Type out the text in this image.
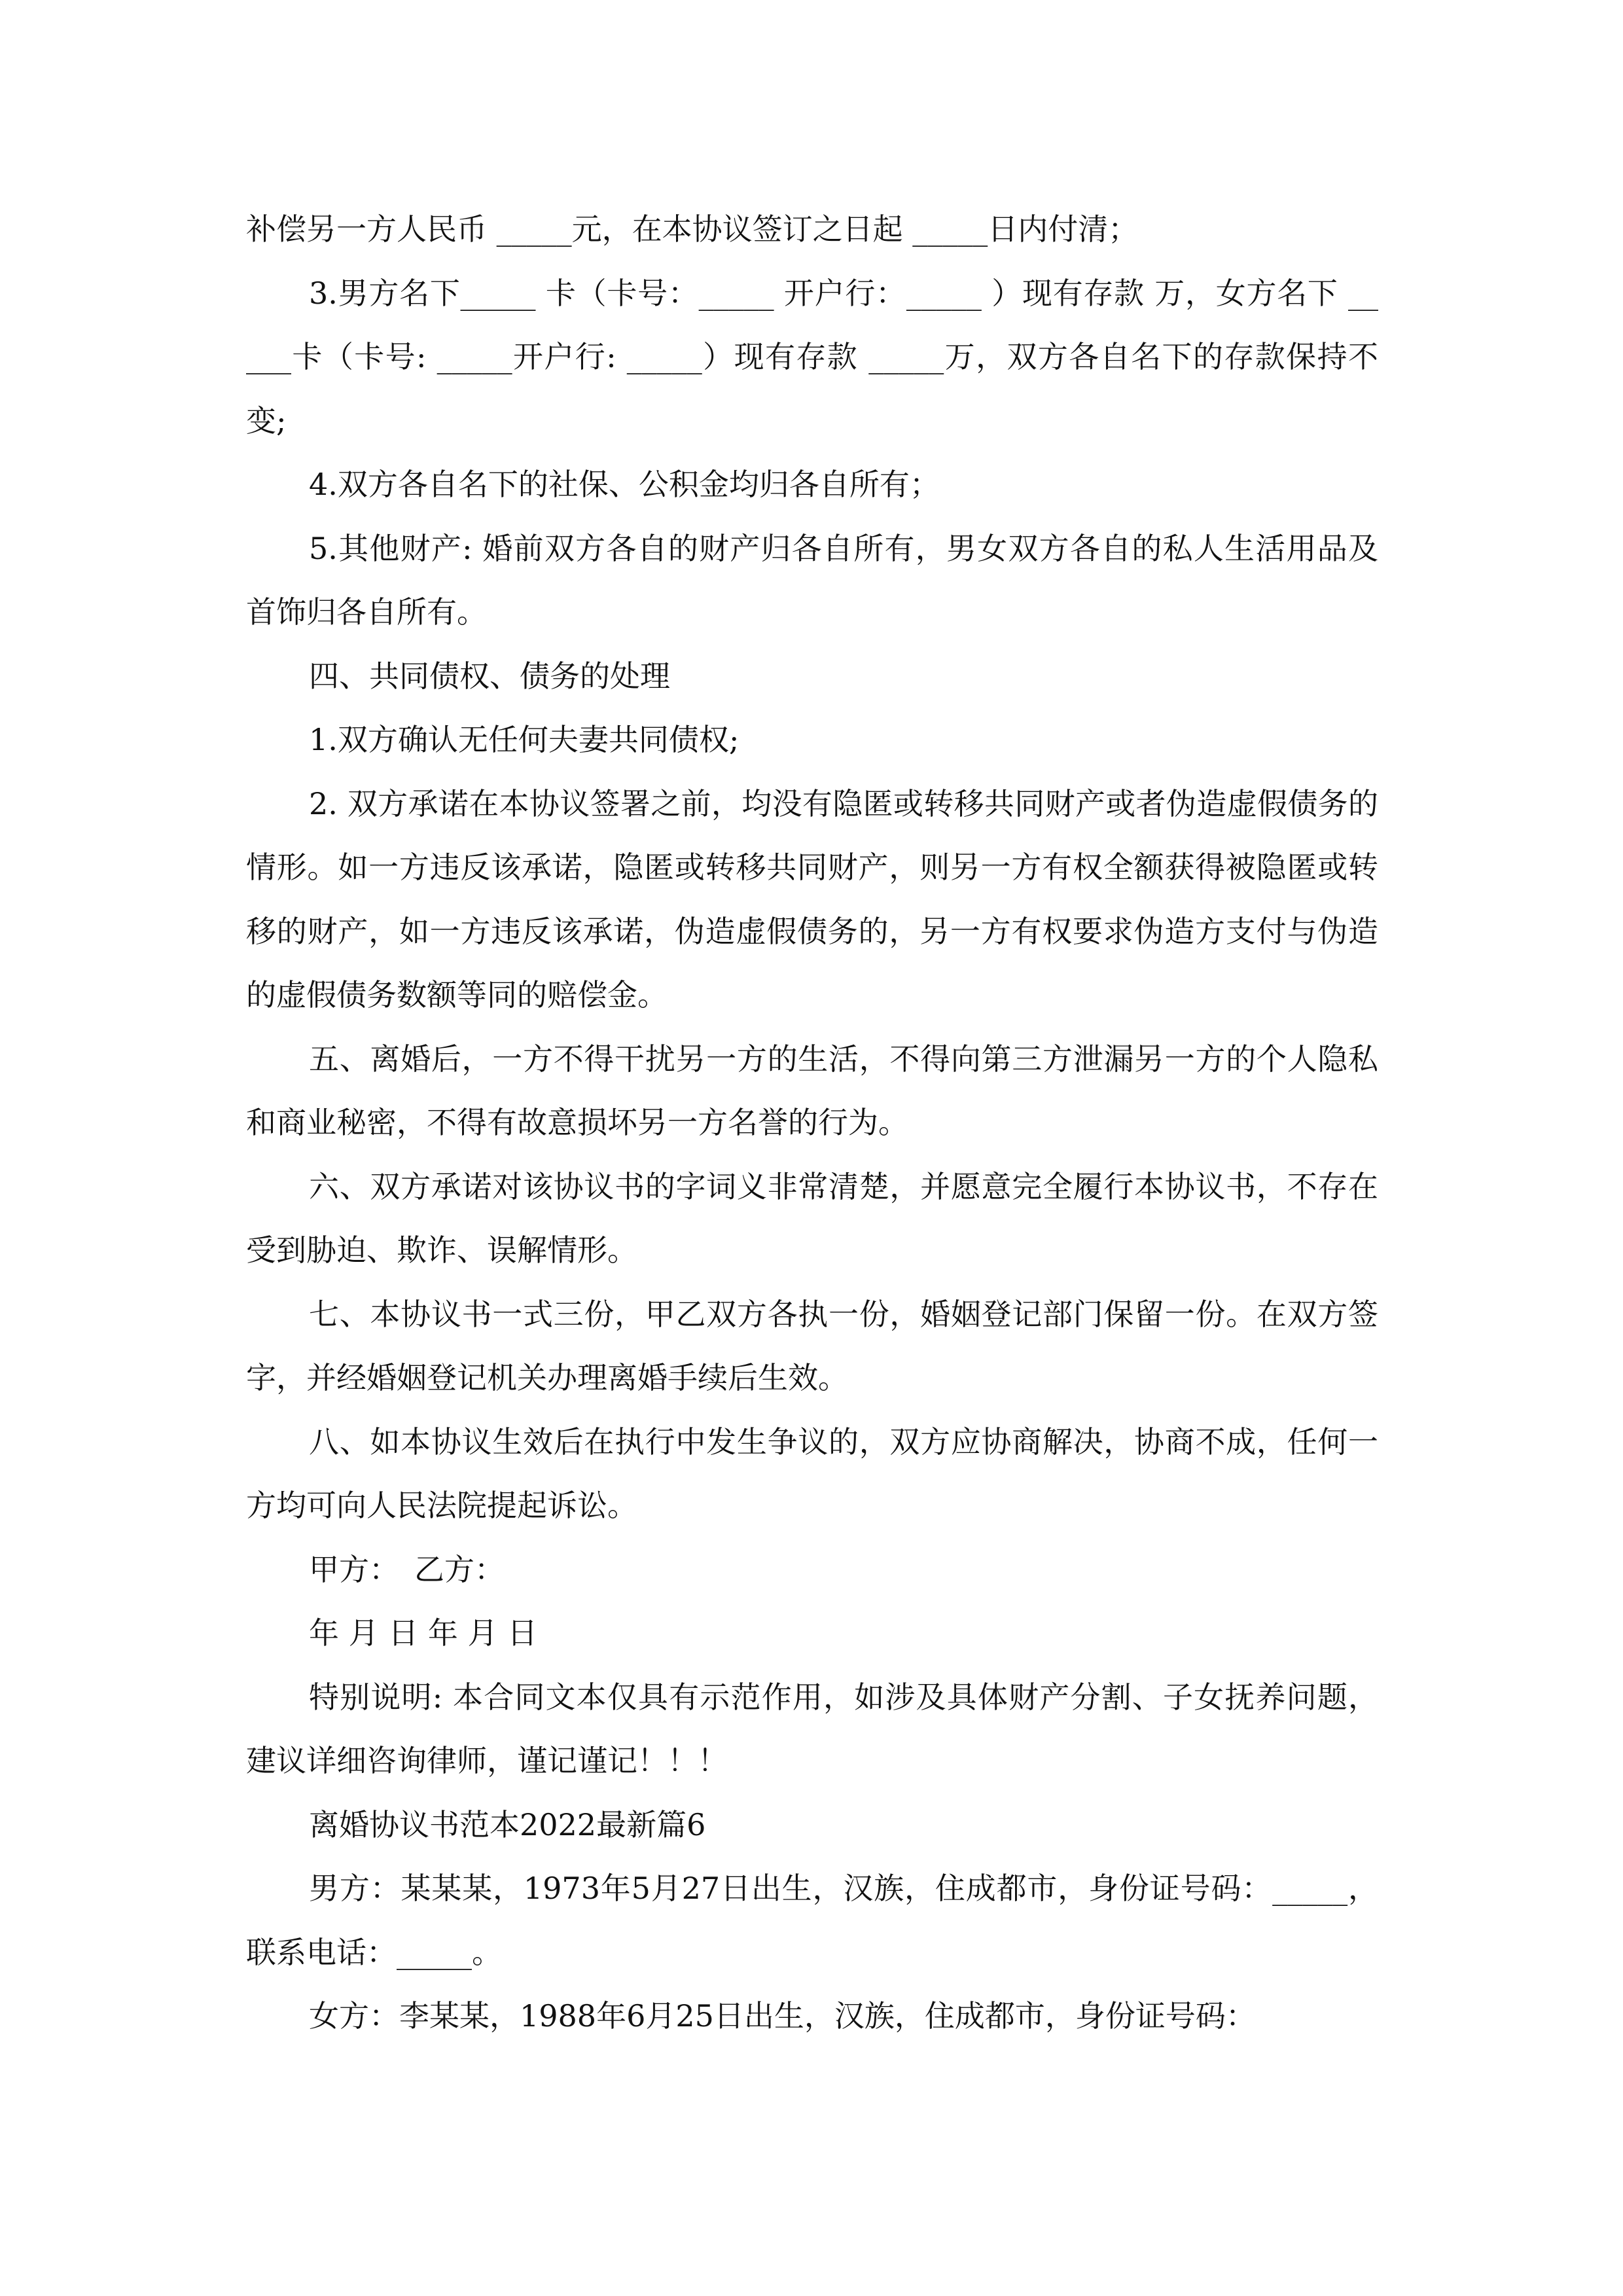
补偿另一方人民币 _____元，在本协议签订之日起 _____日内付清；

3.男方名下_____ 卡（卡号：_____ 开户行：_____ ）现有存款 万，女方名下 _____卡（卡号: _____开户行: _____）现有存款 _____万，双方各自名下的存款保持不变;

4.双方各自名下的社保、公积金均归各自所有；

5.其他财产: 婚前双方各自的财产归各自所有，男女双方各自的私人生活用品及首饰归各自所有。

四、共同债权、债务的处理

1.双方确认无任何夫妻共同债权;

2. 双方承诺在本协议签署之前，均没有隐匿或转移共同财产或者伪造虚假债务的情形。如一方违反该承诺，隐匿或转移共同财产，则另一方有权全额获得被隐匿或转移的财产，如一方违反该承诺，伪造虚假债务的，另一方有权要求伪造方支付与伪造的虚假债务数额等同的赔偿金。

五、离婚后，一方不得干扰另一方的生活，不得向第三方泄漏另一方的个人隐私和商业秘密，不得有故意损坏另一方名誉的行为。

六、双方承诺对该协议书的字词义非常清楚，并愿意完全履行本协议书，不存在受到胁迫、欺诈、误解情形。

七、本协议书一式三份，甲乙双方各执一份，婚姻登记部门保留一份。在双方签字，并经婚姻登记机关办理离婚手续后生效。

八、如本协议生效后在执行中发生争议的，双方应协商解决，协商不成，任何一方均可向人民法院提起诉讼。

甲方：　乙方：

年 月 日 年 月 日

特别说明: 本合同文本仅具有示范作用，如涉及具体财产分割、子女抚养问题，建议详细咨询律师，谨记谨记！！！

离婚协议书范本2022最新篇6

男方：某某某，1973年5月27日出生，汉族，住成都市，身份证号码：_____，联系电话：_____。

女方：李某某，1988年6月25日出生，汉族，住成都市，身份证号码：
